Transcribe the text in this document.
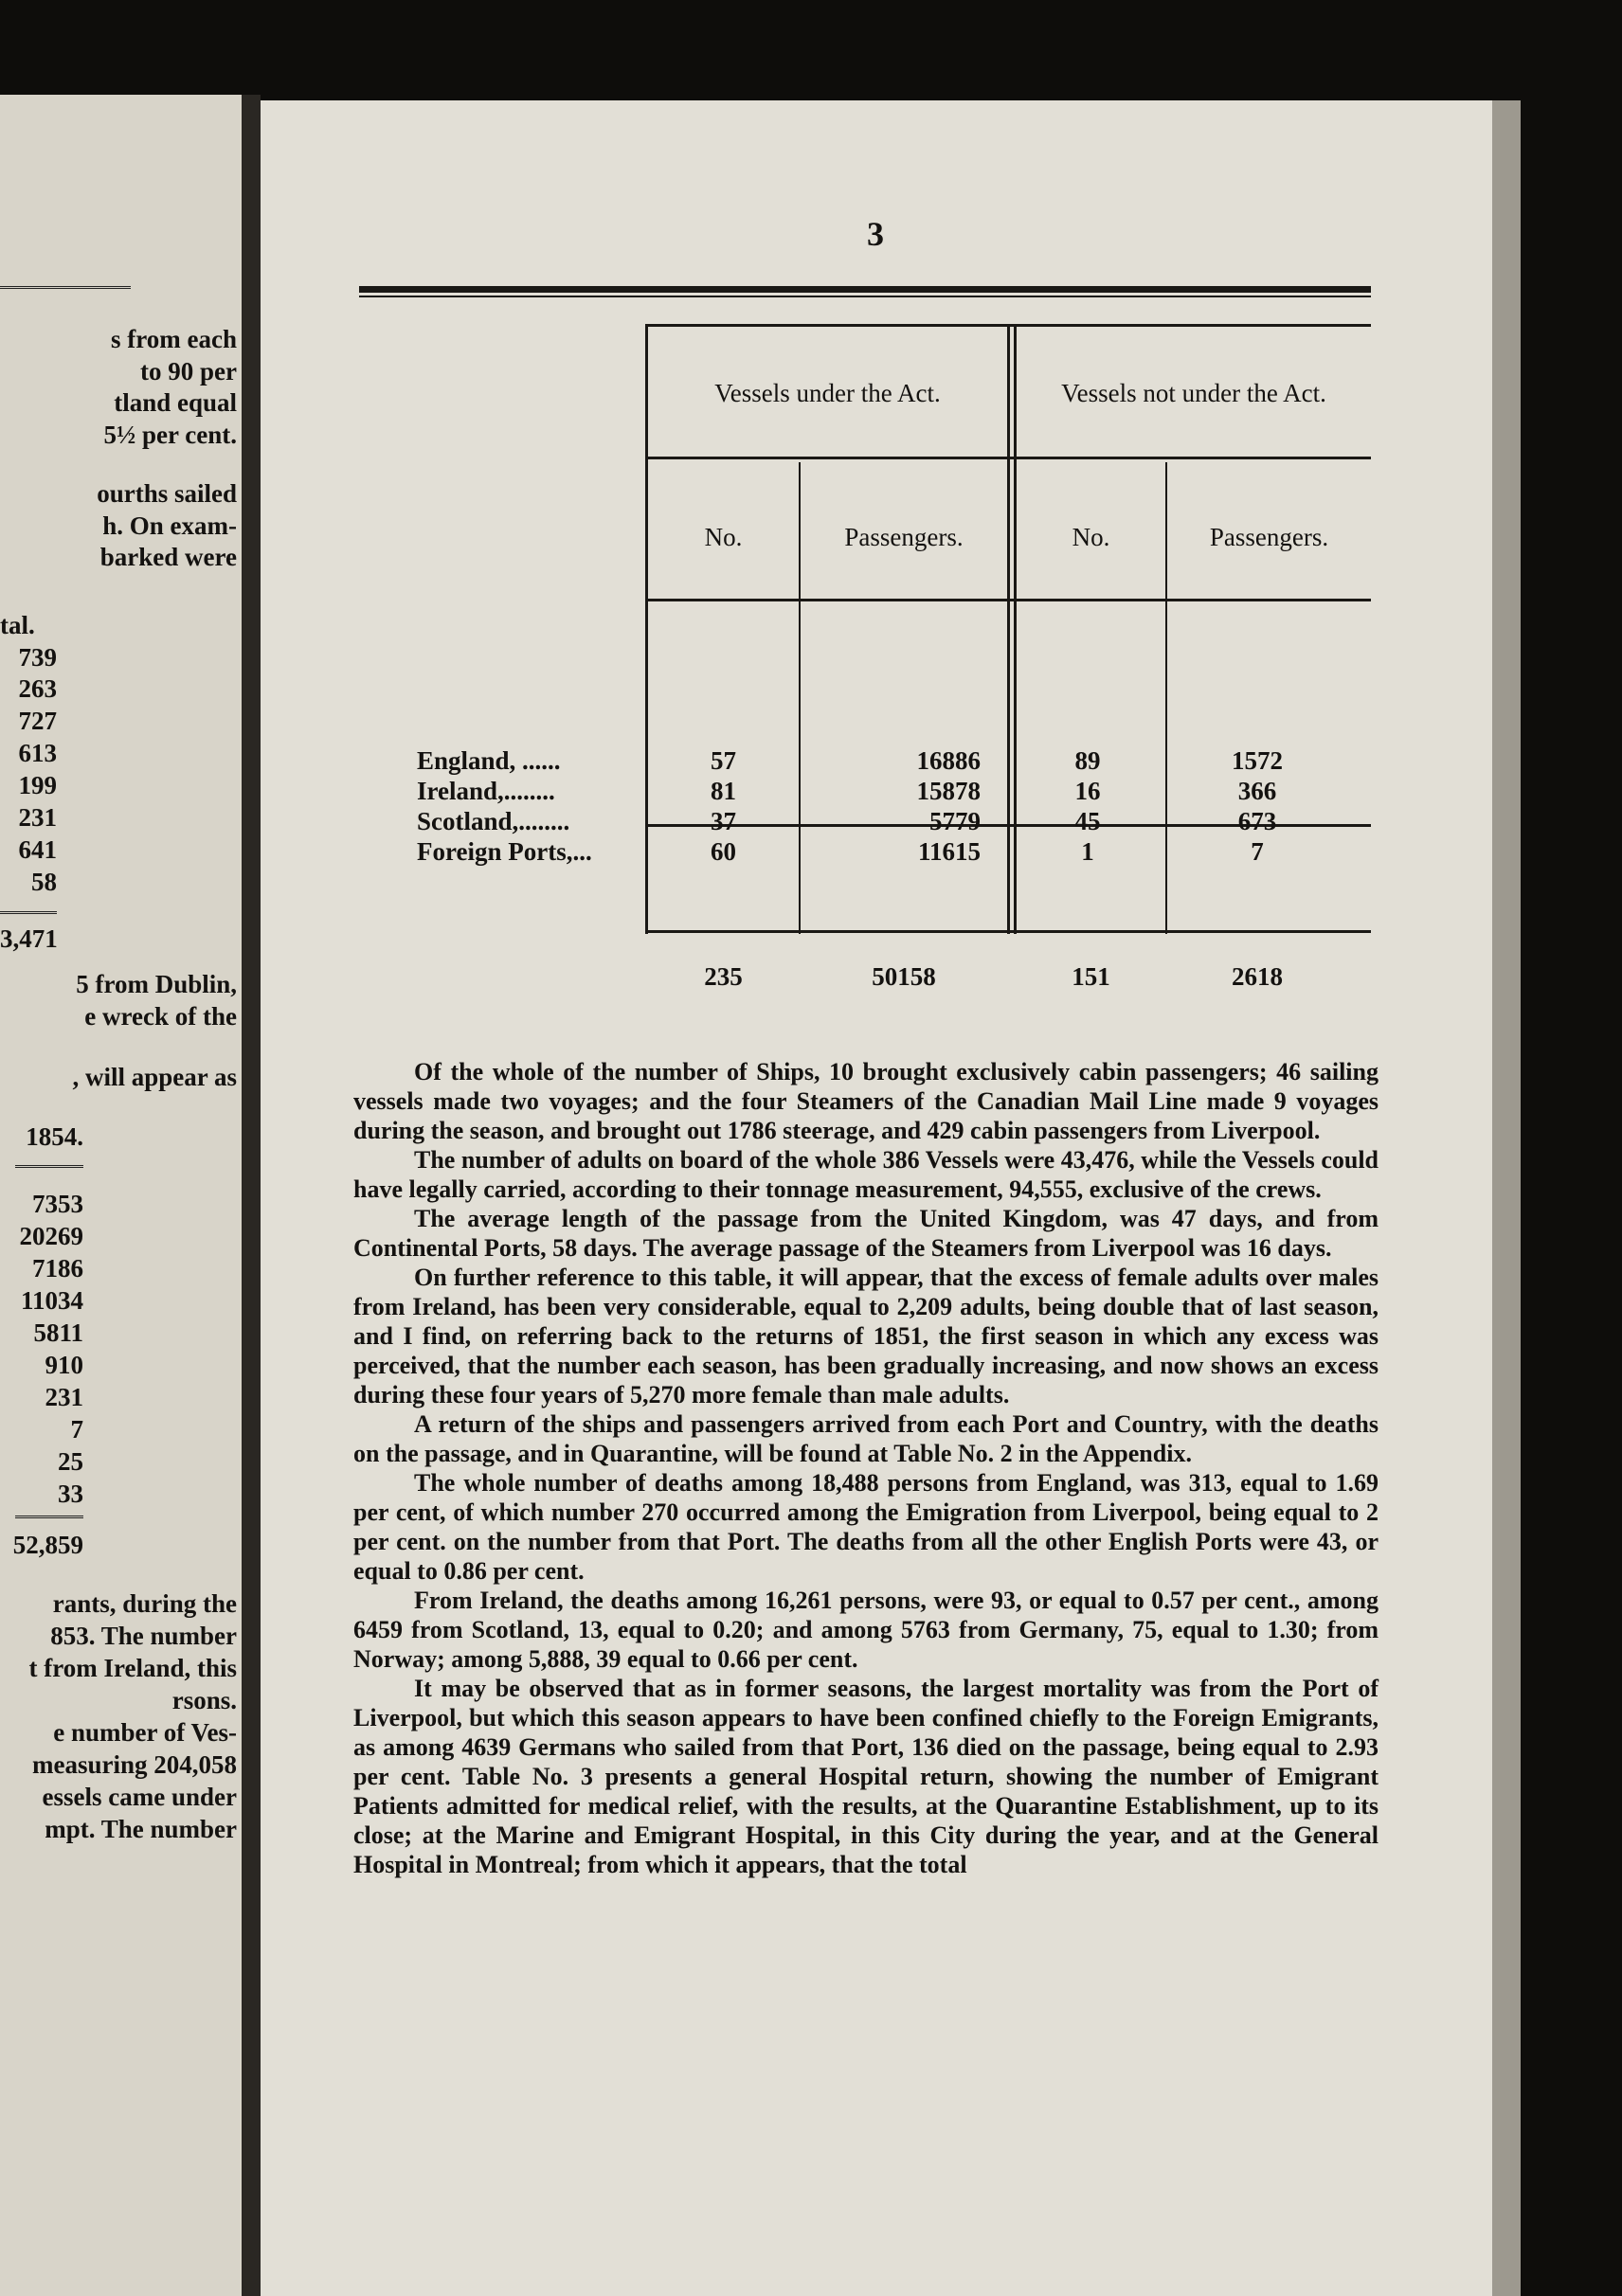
s from each
to 90 per
tland equal
5½ per cent.
ourths sailed
h. On exam-
barked were
tal.
739
263
727
613
199
231
641
58
3,471
5 from Dublin,
e wreck of the
, will appear as
1854.
7353
20269
7186
11034
5811
910
231
7
25
33
52,859
rants, during the
853. The number
t from Ireland, this
rsons.
e number of Ves-
measuring 204,058
essels came under
mpt. The number
3
Vessels under the Act.	Vessels not under the Act.
No.	Passengers.	No.	Passengers.
England, ......	57	16886	89	1572
Ireland,........	81	15878	16	366
Scotland,........	37	5779	45	673
Foreign Ports,...	60	11615	1	7
235	50158	151	2618

Of the whole of the number of Ships, 10 brought exclusively cabin passengers; 46 sailing vessels made two voyages; and the four Steamers of the Canadian Mail Line made 9 voyages during the season, and brought out 1786 steerage, and 429 cabin passengers from Liverpool.

The number of adults on board of the whole 386 Vessels were 43,476, while the Vessels could have legally carried, according to their tonnage measurement, 94,555, exclusive of the crews.

The average length of the passage from the United Kingdom, was 47 days, and from Continental Ports, 58 days. The average passage of the Steamers from Liverpool was 16 days.

On further reference to this table, it will appear, that the excess of female adults over males from Ireland, has been very considerable, equal to 2,209 adults, being double that of last season, and I find, on referring back to the returns of 1851, the first season in which any excess was perceived, that the number each season, has been gradually increasing, and now shows an excess during these four years of 5,270 more female than male adults.

A return of the ships and passengers arrived from each Port and Country, with the deaths on the passage, and in Quarantine, will be found at Table No. 2 in the Appendix.

The whole number of deaths among 18,488 persons from England, was 313, equal to 1.69 per cent, of which number 270 occurred among the Emigration from Liverpool, being equal to 2 per cent. on the number from that Port. The deaths from all the other English Ports were 43, or equal to 0.86 per cent.

From Ireland, the deaths among 16,261 persons, were 93, or equal to 0.57 per cent., among 6459 from Scotland, 13, equal to 0.20; and among 5763 from Germany, 75, equal to 1.30; from Norway; among 5,888, 39 equal to 0.66 per cent.

It may be observed that as in former seasons, the largest mortality was from the Port of Liverpool, but which this season appears to have been confined chiefly to the Foreign Emigrants, as among 4639 Germans who sailed from that Port, 136 died on the passage, being equal to 2.93 per cent. Table No. 3 presents a general Hospital return, showing the number of Emigrant Patients admitted for medical relief, with the results, at the Quarantine Establishment, up to its close; at the Marine and Emigrant Hospital, in this City during the year, and at the General Hospital in Montreal; from which it appears, that the total
